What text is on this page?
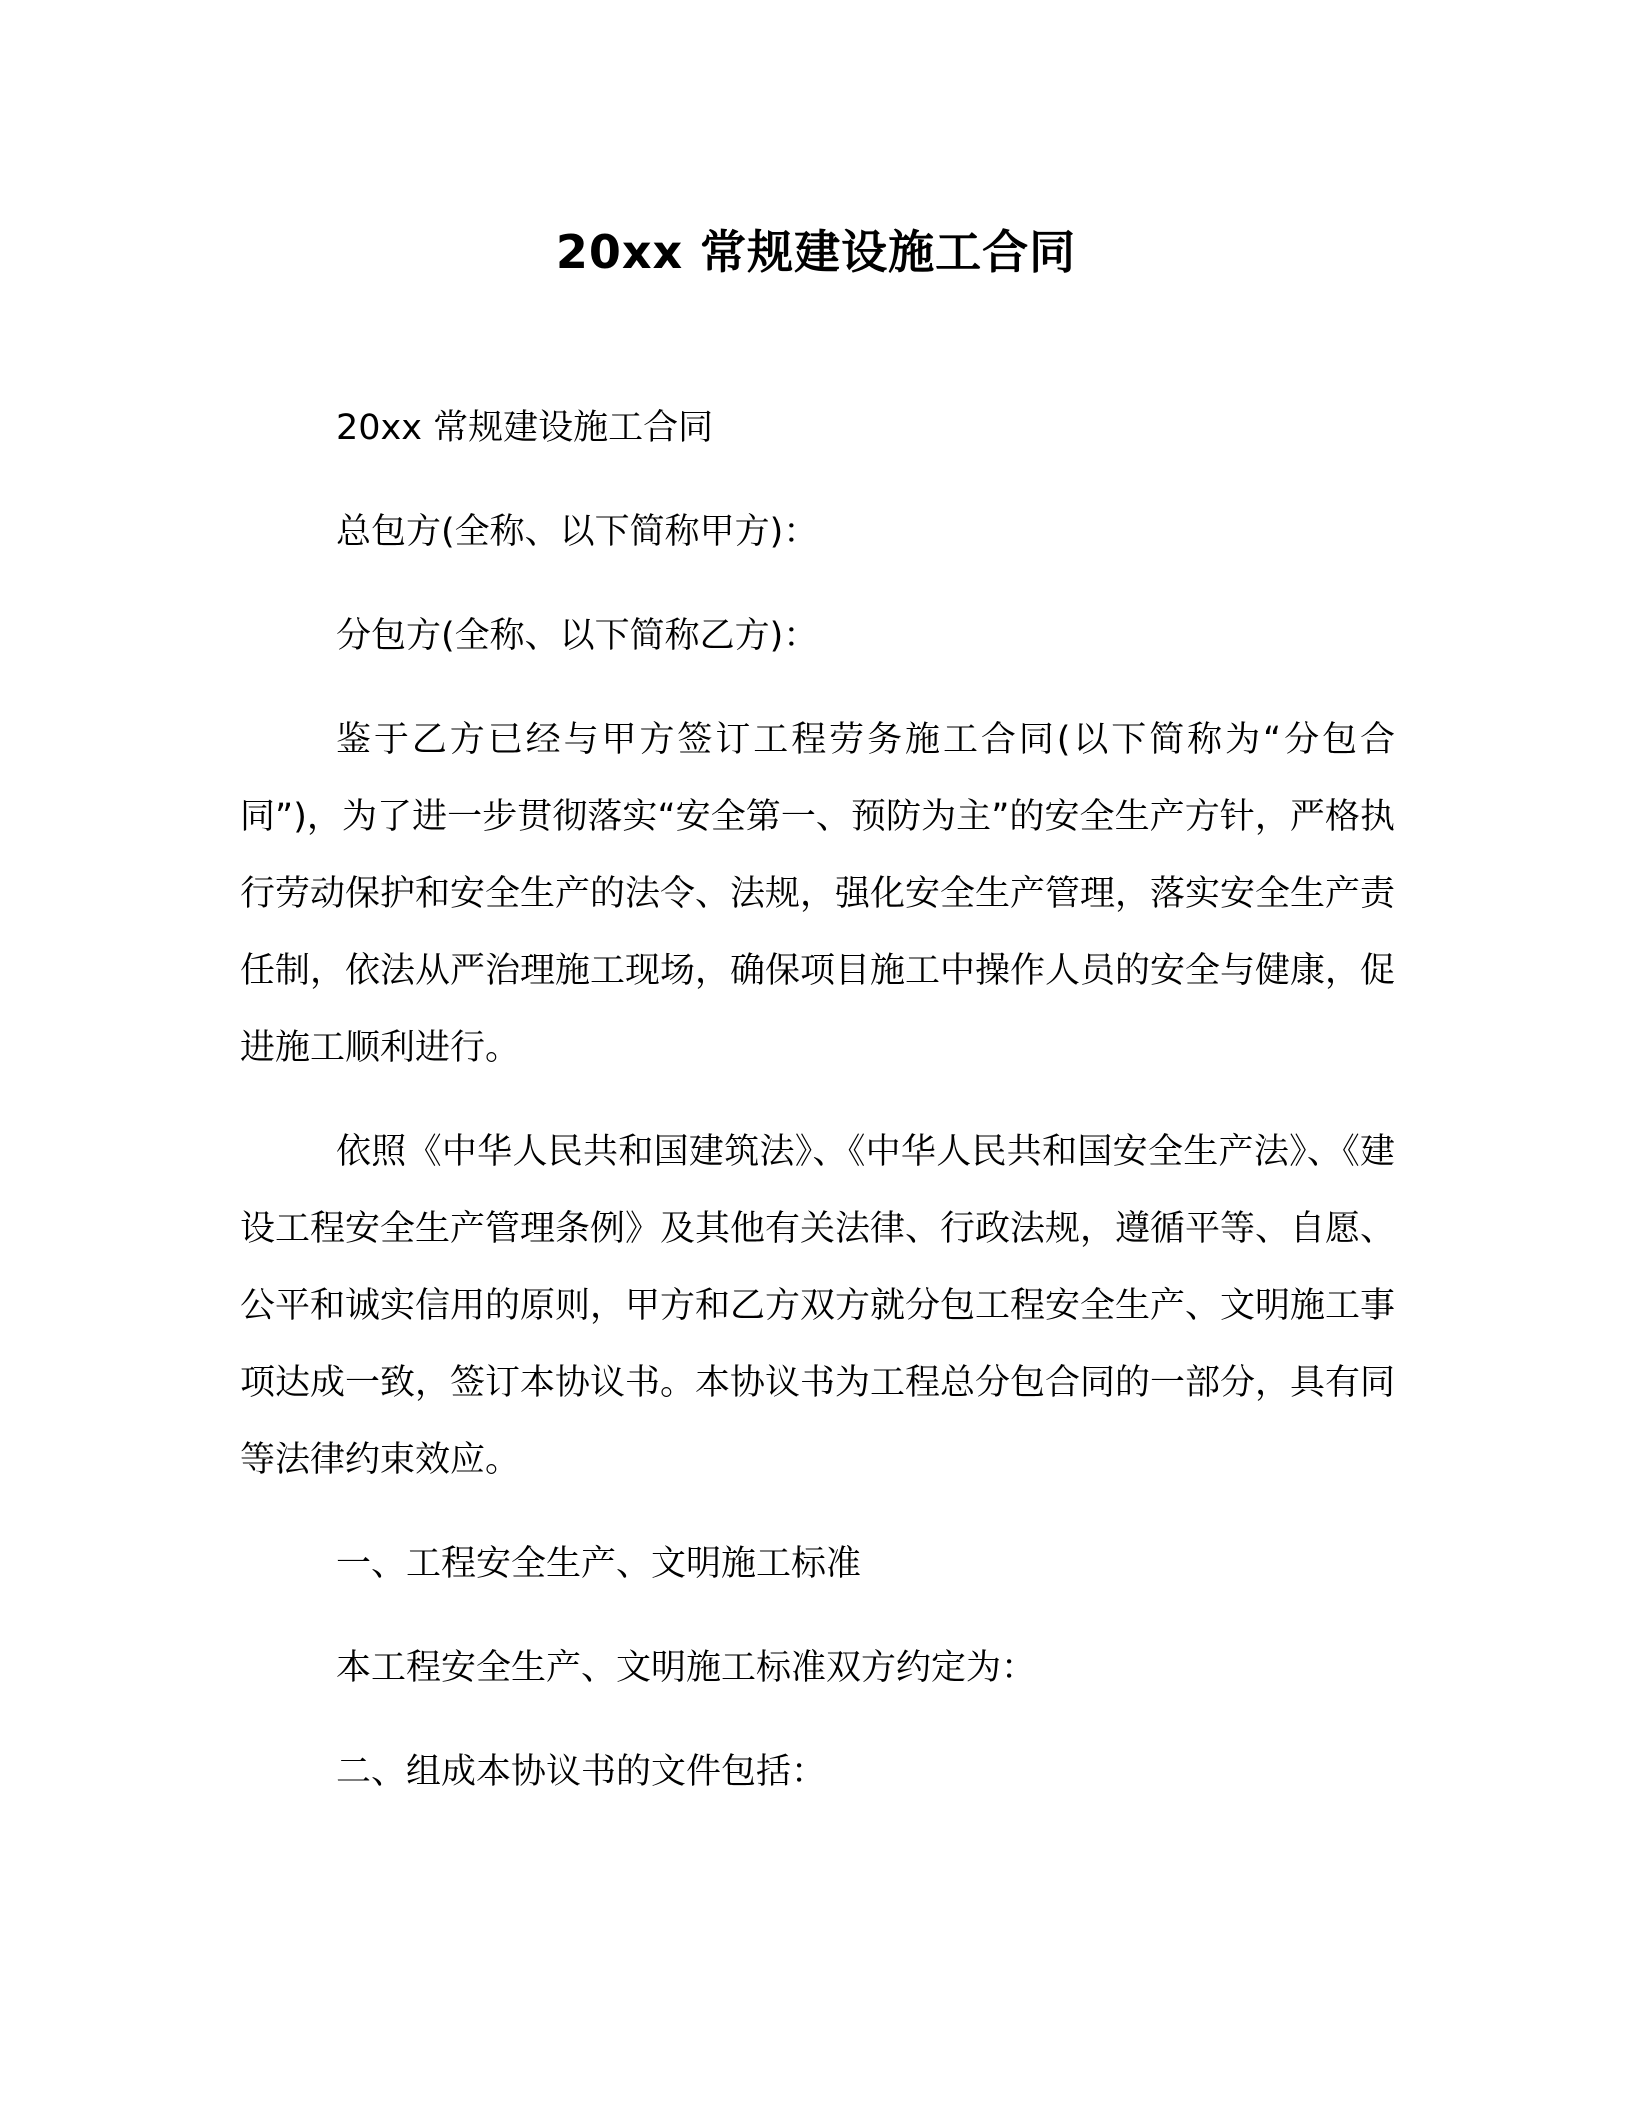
20xx 常规建设施工合同

20xx 常规建设施工合同

总包方(全称、以下简称甲方)：

分包方(全称、以下简称乙方)：

鉴于乙方已经与甲方签订工程劳务施工合同(以下简称为“分包合同”)，为了进一步贯彻落实“安全第一、预防为主”的安全生产方针，严格执行劳动保护和安全生产的法令、法规，强化安全生产管理，落实安全生产责任制，依法从严治理施工现场，确保项目施工中操作人员的安全与健康，促进施工顺利进行。

依照《中华人民共和国建筑法》、《中华人民共和国安全生产法》、《建设工程安全生产管理条例》及其他有关法律、行政法规，遵循平等、自愿、公平和诚实信用的原则，甲方和乙方双方就分包工程安全生产、文明施工事项达成一致，签订本协议书。本协议书为工程总分包合同的一部分，具有同等法律约束效应。

一、工程安全生产、文明施工标准

本工程安全生产、文明施工标准双方约定为：

二、组成本协议书的文件包括：
